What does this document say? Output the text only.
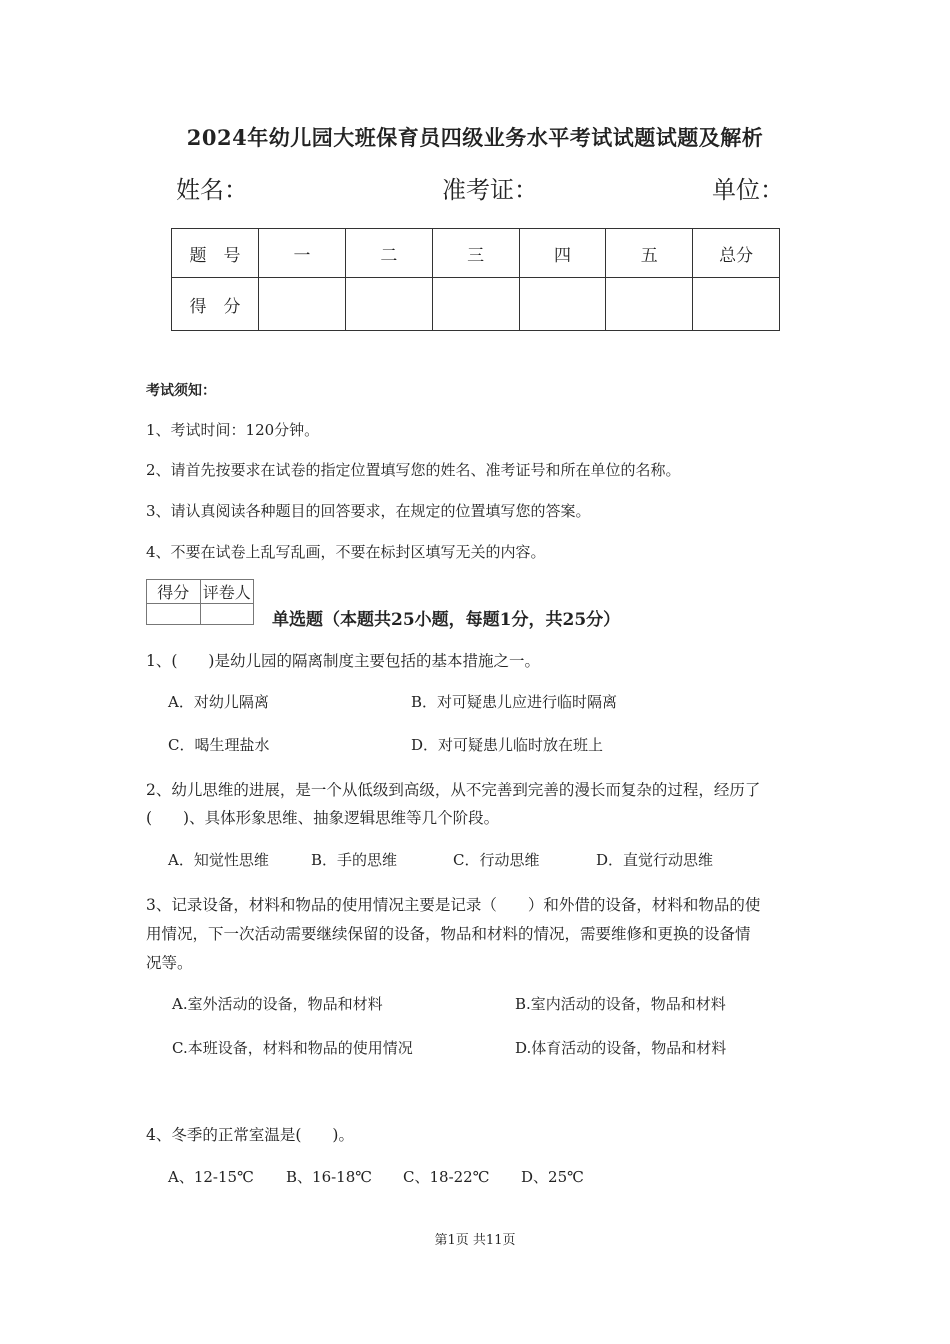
2024年幼儿园大班保育员四级业务水平考试试题试题及解析
姓名：	准考证：	单位：
题　号	一	二	三	四	五	总分
得　分						
考试须知：
1、考试时间：120分钟。
2、请首先按要求在试卷的指定位置填写您的姓名、准考证号和所在单位的名称。
3、请认真阅读各种题目的回答要求，在规定的位置填写您的答案。
4、不要在试卷上乱写乱画，不要在标封区填写无关的内容。
得分	评卷人

单选题（本题共25小题，每题1分，共25分）
1、(　　)是幼儿园的隔离制度主要包括的基本措施之一。
A．对幼儿隔离	B．对可疑患儿应进行临时隔离
C．喝生理盐水	D．对可疑患儿临时放在班上
2、幼儿思维的进展，是一个从低级到高级，从不完善到完善的漫长而复杂的过程，经历了
(　　)、具体形象思维、抽象逻辑思维等几个阶段。
A．知觉性思维	B．手的思维	C．行动思维	D．直觉行动思维
3、记录设备，材料和物品的使用情况主要是记录（　　）和外借的设备，材料和物品的使
用情况，下一次活动需要继续保留的设备，物品和材料的情况，需要维修和更换的设备情
况等。
A.室外活动的设备，物品和材料	B.室内活动的设备，物品和材料
C.本班设备，材料和物品的使用情况	D.体育活动的设备，物品和材料
4、冬季的正常室温是(　　)。
A、12-15℃ B、16-18℃ C、18-22℃ D、25℃
第1页 共11页
